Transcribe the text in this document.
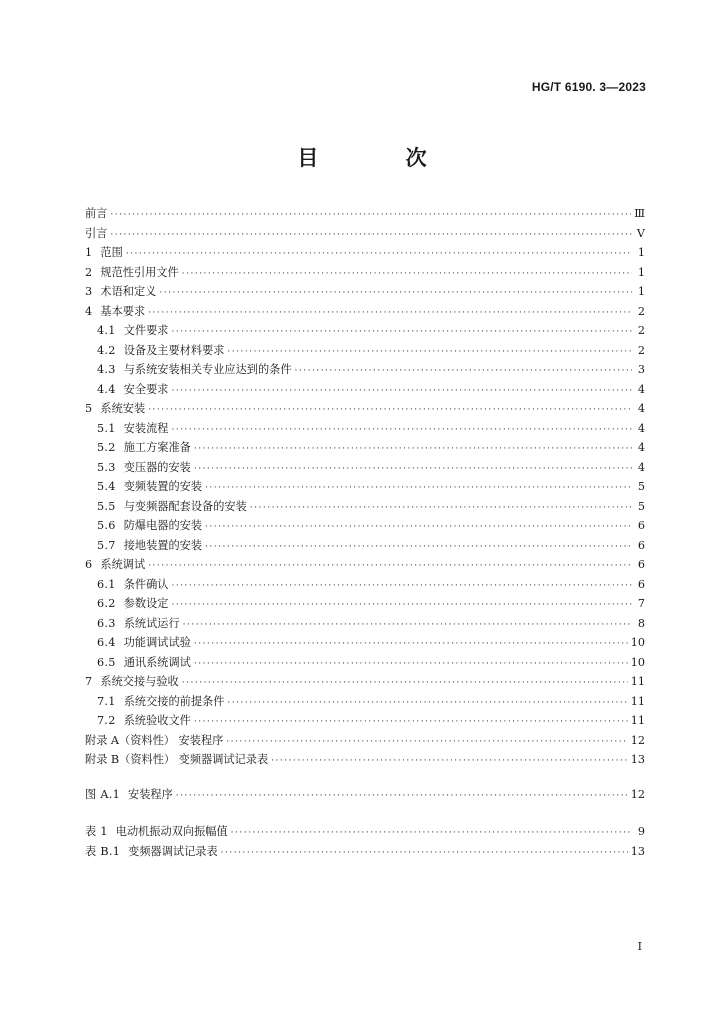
HG/T 6190. 3—2023
目 次
前言 ·····	Ⅲ
引言 ·····	Ⅴ
1 范围 ·····	1
2 规范性引用文件 ·····	1
3 术语和定义 ·····	1
4 基本要求 ·····	2
4.1 文件要求 ·····	2
4.2 设备及主要材料要求 ·····	2
4.3 与系统安装相关专业应达到的条件 ·····	3
4.4 安全要求 ·····	4
5 系统安装 ·····	4
5.1 安装流程 ·····	4
5.2 施工方案准备 ·····	4
5.3 变压器的安装 ·····	4
5.4 变频装置的安装 ·····	5
5.5 与变频器配套设备的安装 ·····	5
5.6 防爆电器的安装 ·····	6
5.7 接地装置的安装 ·····	6
6 系统调试 ·····	6
6.1 条件确认 ·····	6
6.2 参数设定 ·····	7
6.3 系统试运行 ·····	8
6.4 功能调试试验 ·····	10
6.5 通讯系统调试 ·····	10
7 系统交接与验收 ·····	11
7.1 系统交接的前提条件 ·····	11
7.2 系统验收文件 ·····	11
附录 A（资料性） 安装程序 ·····	12
附录 B（资料性） 变频器调试记录表 ·····	13
图 A.1 安装程序 ·····	12
表 1 电动机振动双向振幅值 ·····	9
表 B.1 变频器调试记录表 ·····	13
I
